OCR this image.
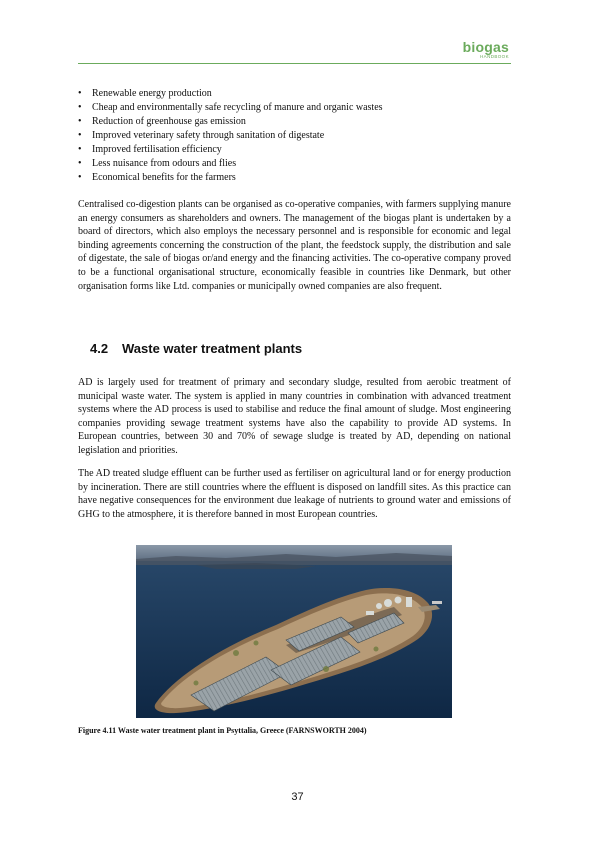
biogas
HANDBOOK
• Renewable energy production
• Cheap and environmentally safe recycling of manure and organic wastes
• Reduction of greenhouse gas emission
• Improved veterinary safety through sanitation of digestate
• Improved fertilisation efficiency
• Less nuisance from odours and flies
• Economical benefits for the farmers

Centralised co-digestion plants can be organised as co-operative companies, with farmers supplying manure an energy consumers as shareholders and owners. The management of the biogas plant is undertaken by a board of directors, which also employs the necessary personnel and is responsible for economic and legal binding agreements concerning the construction of the plant, the feedstock supply, the distribution and sale of digestate, the sale of biogas or/and energy and the financing activities. The co-operative company proved to be a functional organisational structure, economically feasible in countries like Denmark, but other organisation forms like Ltd. companies or municipally owned companies are also frequent.

4.2 Waste water treatment plants

AD is largely used for treatment of primary and secondary sludge, resulted from aerobic treatment of municipal waste water. The system is applied in many countries in combination with advanced treatment systems where the AD process is used to stabilise and reduce the final amount of sludge. Most engineering companies providing sewage treatment systems have also the capability to provide AD systems. In European countries, between 30 and 70% of sewage sludge is treated by AD, depending on national legislation and priorities.

The AD treated sludge effluent can be further used as fertiliser on agricultural land or for energy production by incineration. There are still countries where the effluent is disposed on landfill sites. As this practice can have negative consequences for the environment due leakage of nutrients to ground water and emissions of GHG to the atmosphere, it is therefore banned in most European countries.

Figure 4.11 Waste water treatment plant in Psyttalia, Greece (FARNSWORTH 2004)

37
